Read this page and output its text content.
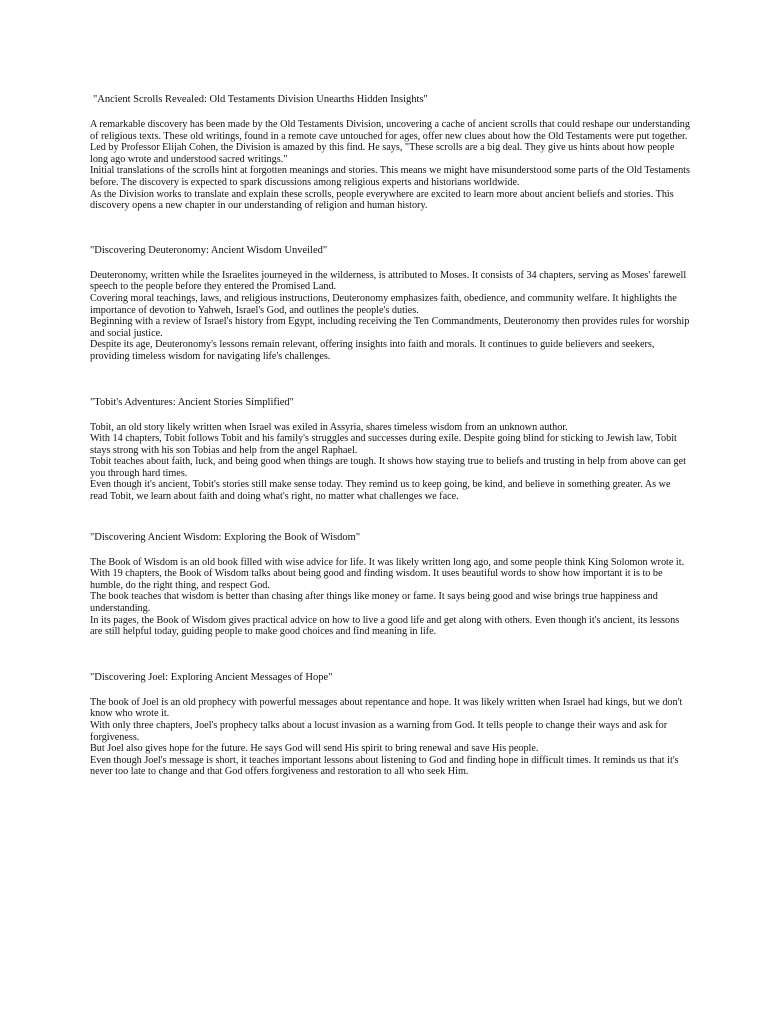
"Ancient Scrolls Revealed: Old Testaments Division Unearths Hidden Insights"

A remarkable discovery has been made by the Old Testaments Division, uncovering a cache of ancient scrolls that could reshape our understanding of religious texts. These old writings, found in a remote cave untouched for ages, offer new clues about how the Old Testaments were put together.

Led by Professor Elijah Cohen, the Division is amazed by this find. He says, "These scrolls are a big deal. They give us hints about how people long ago wrote and understood sacred writings."

Initial translations of the scrolls hint at forgotten meanings and stories. This means we might have misunderstood some parts of the Old Testaments before. The discovery is expected to spark discussions among religious experts and historians worldwide.

As the Division works to translate and explain these scrolls, people everywhere are excited to learn more about ancient beliefs and stories. This discovery opens a new chapter in our understanding of religion and human history.

"Discovering Deuteronomy: Ancient Wisdom Unveiled"

Deuteronomy, written while the Israelites journeyed in the wilderness, is attributed to Moses. It consists of 34 chapters, serving as Moses' farewell speech to the people before they entered the Promised Land.

Covering moral teachings, laws, and religious instructions, Deuteronomy emphasizes faith, obedience, and community welfare. It highlights the importance of devotion to Yahweh, Israel's God, and outlines the people's duties.

Beginning with a review of Israel's history from Egypt, including receiving the Ten Commandments, Deuteronomy then provides rules for worship and social justice.

Despite its age, Deuteronomy's lessons remain relevant, offering insights into faith and morals. It continues to guide believers and seekers, providing timeless wisdom for navigating life's challenges.

"Tobit's Adventures: Ancient Stories Simplified"

Tobit, an old story likely written when Israel was exiled in Assyria, shares timeless wisdom from an unknown author.

With 14 chapters, Tobit follows Tobit and his family's struggles and successes during exile. Despite going blind for sticking to Jewish law, Tobit stays strong with his son Tobias and help from the angel Raphael.

Tobit teaches about faith, luck, and being good when things are tough. It shows how staying true to beliefs and trusting in help from above can get you through hard times.

Even though it's ancient, Tobit's stories still make sense today. They remind us to keep going, be kind, and believe in something greater. As we read Tobit, we learn about faith and doing what's right, no matter what challenges we face.

"Discovering Ancient Wisdom: Exploring the Book of Wisdom"

The Book of Wisdom is an old book filled with wise advice for life. It was likely written long ago, and some people think King Solomon wrote it.

With 19 chapters, the Book of Wisdom talks about being good and finding wisdom. It uses beautiful words to show how important it is to be humble, do the right thing, and respect God.

The book teaches that wisdom is better than chasing after things like money or fame. It says being good and wise brings true happiness and understanding.

In its pages, the Book of Wisdom gives practical advice on how to live a good life and get along with others. Even though it's ancient, its lessons are still helpful today, guiding people to make good choices and find meaning in life.

"Discovering Joel: Exploring Ancient Messages of Hope"

The book of Joel is an old prophecy with powerful messages about repentance and hope. It was likely written when Israel had kings, but we don't know who wrote it.

With only three chapters, Joel's prophecy talks about a locust invasion as a warning from God. It tells people to change their ways and ask for forgiveness.

But Joel also gives hope for the future. He says God will send His spirit to bring renewal and save His people.

Even though Joel's message is short, it teaches important lessons about listening to God and finding hope in difficult times. It reminds us that it's never too late to change and that God offers forgiveness and restoration to all who seek Him.
